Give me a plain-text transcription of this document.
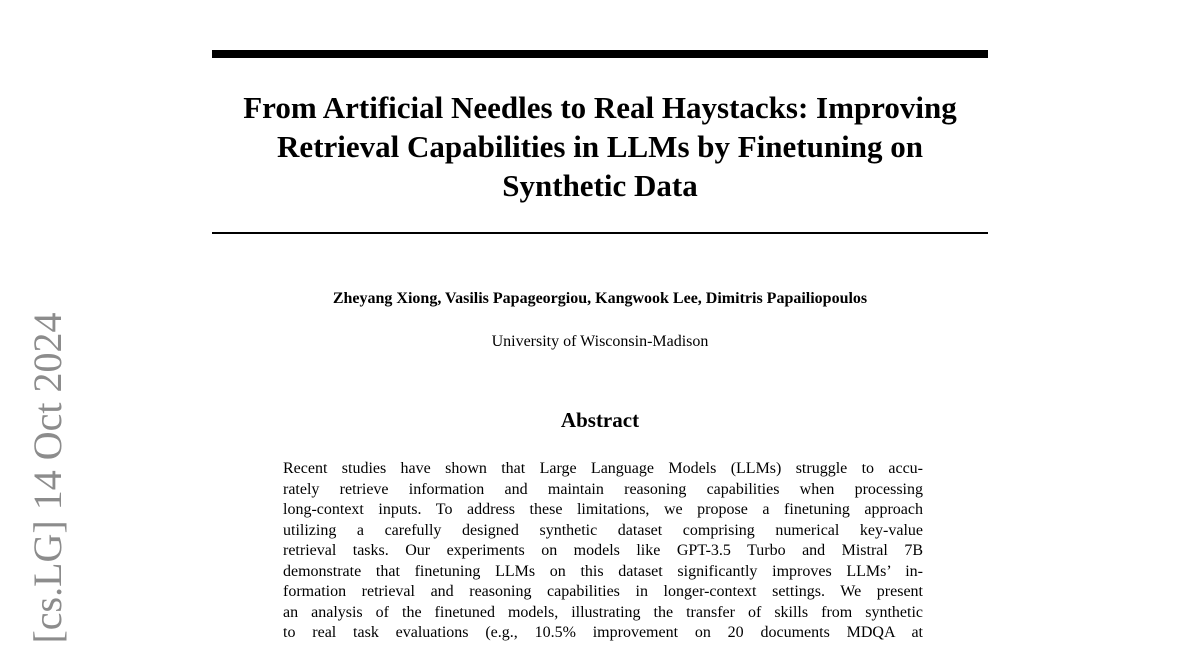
From Artificial Needles to Real Haystacks: Improving
Retrieval Capabilities in LLMs by Finetuning on
Synthetic Data
Zheyang Xiong, Vasilis Papageorgiou, Kangwook Lee, Dimitris Papailiopoulos
University of Wisconsin-Madison
Abstract
Recent studies have shown that Large Language Models (LLMs) struggle to accu-
rately retrieve information and maintain reasoning capabilities when processing
long-context inputs. To address these limitations, we propose a finetuning approach
utilizing a carefully designed synthetic dataset comprising numerical key-value
retrieval tasks. Our experiments on models like GPT-3.5 Turbo and Mistral 7B
demonstrate that finetuning LLMs on this dataset significantly improves LLMs’ in-
formation retrieval and reasoning capabilities in longer-context settings. We present
an analysis of the finetuned models, illustrating the transfer of skills from synthetic
to real task evaluations (e.g., 10.5% improvement on 20 documents MDQA at
[cs.LG] 14 Oct 2024
